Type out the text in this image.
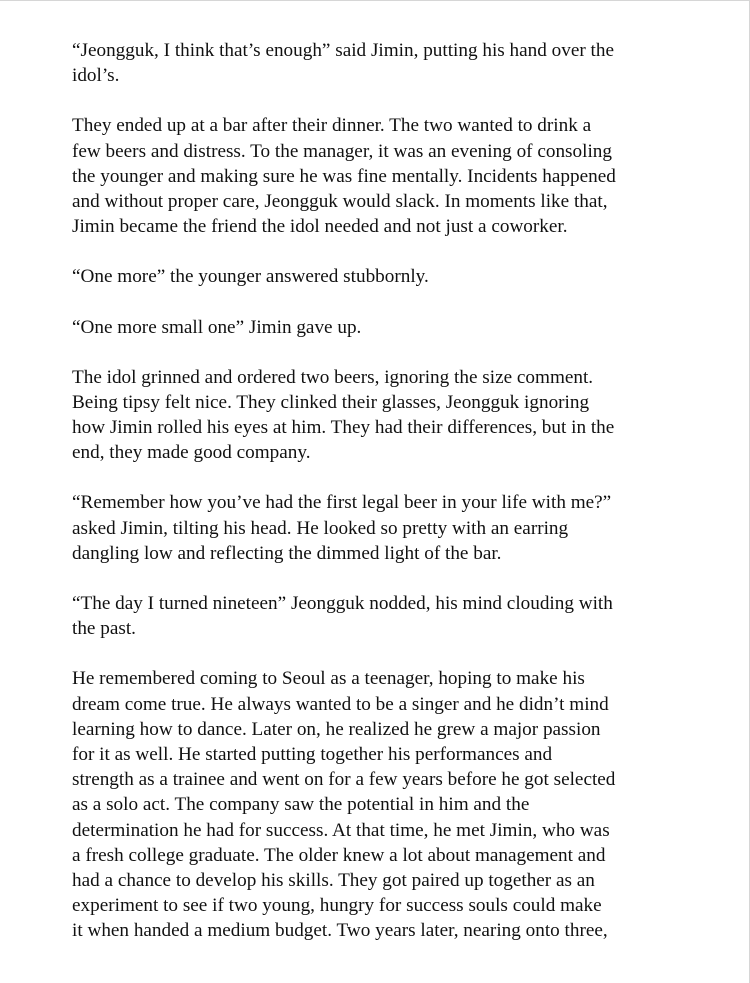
“Jeongguk, I think that’s enough” said Jimin, putting his hand over the
idol’s.

They ended up at a bar after their dinner. The two wanted to drink a
few beers and distress. To the manager, it was an evening of consoling
the younger and making sure he was fine mentally. Incidents happened
and without proper care, Jeongguk would slack. In moments like that,
Jimin became the friend the idol needed and not just a coworker.

“One more” the younger answered stubbornly.

“One more small one” Jimin gave up.

The idol grinned and ordered two beers, ignoring the size comment.
Being tipsy felt nice. They clinked their glasses, Jeongguk ignoring
how Jimin rolled his eyes at him. They had their differences, but in the
end, they made good company.

“Remember how you’ve had the first legal beer in your life with me?”
asked Jimin, tilting his head. He looked so pretty with an earring
dangling low and reflecting the dimmed light of the bar.

“The day I turned nineteen” Jeongguk nodded, his mind clouding with
the past.

He remembered coming to Seoul as a teenager, hoping to make his
dream come true. He always wanted to be a singer and he didn’t mind
learning how to dance. Later on, he realized he grew a major passion
for it as well. He started putting together his performances and
strength as a trainee and went on for a few years before he got selected
as a solo act. The company saw the potential in him and the
determination he had for success. At that time, he met Jimin, who was
a fresh college graduate. The older knew a lot about management and
had a chance to develop his skills. They got paired up together as an
experiment to see if two young, hungry for success souls could make
it when handed a medium budget. Two years later, nearing onto three,
